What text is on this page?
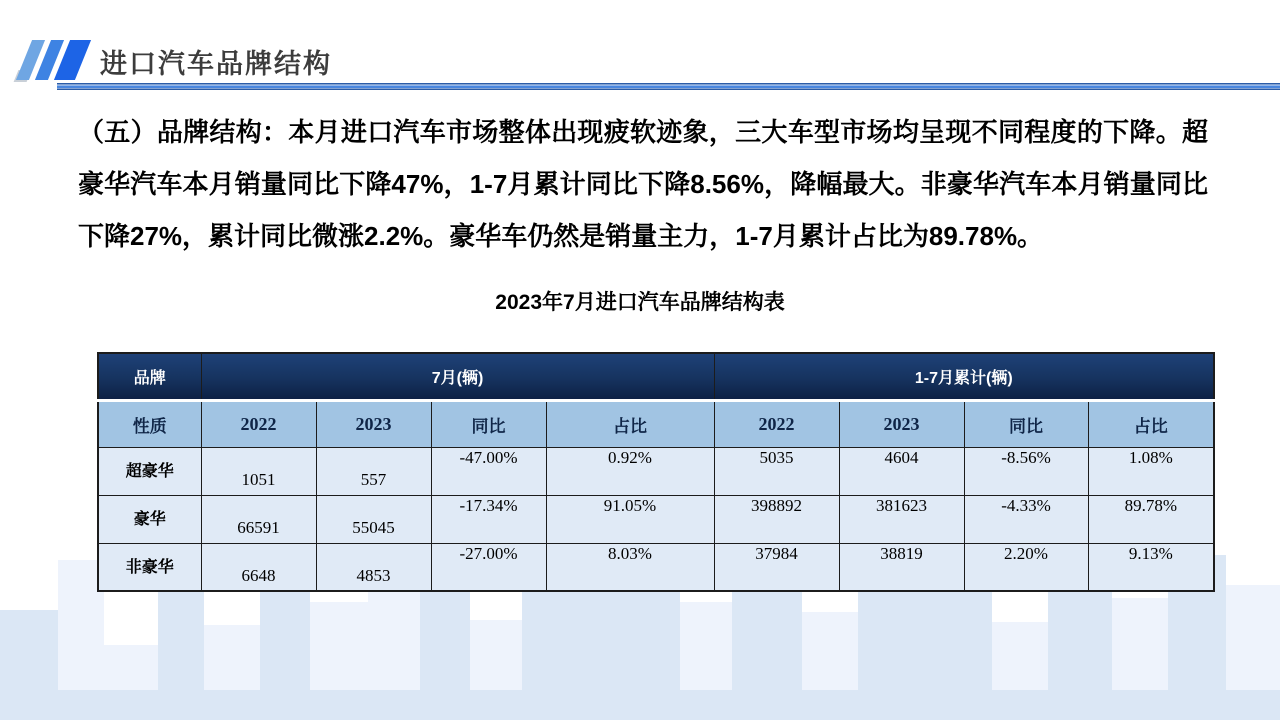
进口汽车品牌结构

（五）品牌结构：本月进口汽车市场整体出现疲软迹象，三大车型市场均呈现不同程度的下降。超豪华汽车本月销量同比下降47%，1-7月累计同比下降8.56%，降幅最大。非豪华汽车本月销量同比下降27%，累计同比微涨2.2%。豪华车仍然是销量主力，1-7月累计占比为89.78%。

2023年7月进口汽车品牌结构表
品牌	7月(辆)				1-7月累计(辆)			
性质	2022	2023	同比	占比	2022	2023	同比	占比
超豪华	1051	557	-47.00%	0.92%	5035	4604	-8.56%	1.08%
豪华	66591	55045	-17.34%	91.05%	398892	381623	-4.33%	89.78%
非豪华	6648	4853	-27.00%	8.03%	37984	38819	2.20%	9.13%
